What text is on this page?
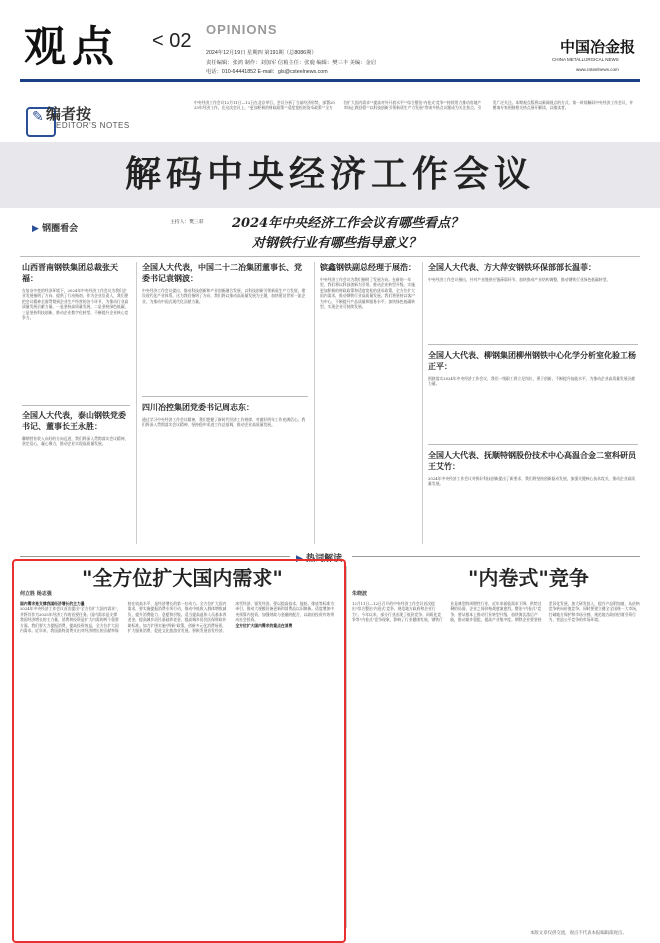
观点 < 02
OPINIONS
2024年12月19日 星期四 第191期（总8086期）
责任编辑：张鸿 制作：刘加军 信箱主任：张鹿 编辑：樊三丰 美编：金启
电话：010-64441852 E-mail：gls@csteelnews.com
中国冶金报
CHINA METALLURGICAL NEWS
www.csteelnews.com
✎ 编者按
EDITOR'S NOTES
中央经济工作会议12月11日—12日在北京举行。会议分析了当前经济形势，部署2025年经济工作。在这次会议上，"更加积极的财政政策""适度宽松的货币政策""全方位扩大国内需求""提高对外开放水平""综合整治'内卷式'竞争""持续用力推动房地产市场止跌回稳""以科技创新引领新质生产力发展"等诸多热点议题成为关注焦点，引发广泛关注。本期观点版将以新闻视点的方式，第一时间解码中央经济工作会议，并邀请专家围绕相关热点展开解读，以飨读者。
解码中央经济工作会议
▶ 钢圈看会
主持人：樊三彩 2024年中央经济工作会议有哪些看点？
对钢铁行业有哪些指导意义？
山西晋南钢铁集团总裁张天福：
在复杂多变的经济环境下，2024年中央经济工作会议为我们企业发展指明了方向，提供了行动指南，作为企业负责人，我们要把会议精神全面贯彻到企业生产经营的各个环节，为推动行业高质量发展贡献力量。一是坚持高质量发展，二是坚持绿色低碳，三是坚持科技创新，推动企业数字化转型，不断提升企业核心竞争力。
全国人大代表，泰山钢铁党委书记、董事长王永胜：
聊钢营业收入向好的方向迈进，我们将深入贯彻落实会议精神，坚定信心，凝心聚力，推动企业实现高质量发展。
全国人大代表，中国二十二冶集团董事长、党委书记袁钢波：
中央经济工作会议提出，推动科技创新和产业创新融合发展，以科技创新引领新质生产力发展，建设现代化产业体系。这为我们指明了方向，我们将以推动高质量发展为主题，加快建设世界一流企业，为推动中国式现代化贡献力量。
四川冶控集团党委书记周志东：
通过学习中央经济工作会议精神，我们把握了新时代经济工作规律，对做好明年工作充满信心。我们将深入贯彻落实会议精神，坚持稳中求进工作总基调，推动企业高质量发展。
镔鑫钢铁副总经理于展浩：
中央经济工作会议为我们指明了发展方向。在新的一年里，我们将以科技创新为引领，推动企业转型升级，实施更加积极的财政政策和适度宽松的货币政策，全方位扩大国内需求，推动钢铁行业高质量发展。我们将坚持以客户为中心，不断提升产品质量和服务水平，加快绿色低碳转型，实现企业可持续发展。
全国人大代表、方大萍安钢铁环保部部长温菲：
中央经济工作会议指出，针对产业链供应链薄弱环节，加快推动产业结构调整，推动钢铁行业绿色低碳转型。
全国人大代表、柳钢集团柳州钢铁中心化学分析室化验工杨正平：
围绕落实2024年中央经济工作会议，我们一线职工将立足岗位，勇于创新，不断提升技能水平，为推动企业高质量发展贡献力量。
全国人大代表、抚顺特钢股份技术中心高温合金二室科研员王艾竹：
2024年中央经济工作会议对抓好科技创新提出了新要求，我们将坚持创新驱动发展，加强关键核心技术攻关，推动企业高质量发展。
▶ 热词解读
"全方位扩大国内需求"	"内卷式"竞争
何立胜 杨志强
国内需求是支撑我国经济增长的主力量
2024年中央经济工作会议首次提出"全方位扩大国内需求"，并将其作为2025年经济工作的首要任务。国内需求是支撑我国经济增长的主力量，消费和投资是扩大内需的两个重要方面。我们要大力提振消费，提高投资效益，全方位扩大国内需求。近年来，我国最终消费支出对经济增长的贡献率保持在较高水平，是经济增长的第一拉动力。全方位扩大国内需求，要实施提振消费专项行动，推动中低收入群体增收减负，提升消费能力、意愿和层级。适当提高退休人员基本养老金，提高城乡居民基础养老金，提高城乡居民医保财政补助标准。加力扩围实施"两新"政策，创新多元化消费场景，扩大服务消费，促进文化旅游业发展。积极发展首发经济、冰雪经济、银发经济。要以提高技术、能耗、排放等标准为牵引，推动大规模设备更新和消费品以旧换新。适度增加中央预算内投资，加强财政与金融的配合，以政府投资有效带动社会投资。
全方位扩大国内需求的重点在消费
朱晓波
12月11日—12日召开的中央经济工作会议首次提出"综合整治'内卷式'竞争，规范地方政府和企业行为"。今年以来，部分行业出现了低价竞争、同质化竞争等"内卷式"竞争现象，影响了行业健康发展。钢铁行业是典型的周期性行业，近年来面临需求下降、供给过剩的局面，企业之间价格战愈演愈烈。整治"内卷式"竞争，要从根本上推动行业转型升级，加快淘汰落后产能，推动兼并重组，提高产业集中度。钢铁企业要坚持差异化发展，加大研发投入，提升产品附加值，从价格竞争转向价值竞争。同时要建立健全全国统一大市场，打破地方保护和市场分割，规范地方政府招商引资行为，营造公平竞争的市场环境。
本版文章仅供交流，观点不代表本报编辑部观点。
